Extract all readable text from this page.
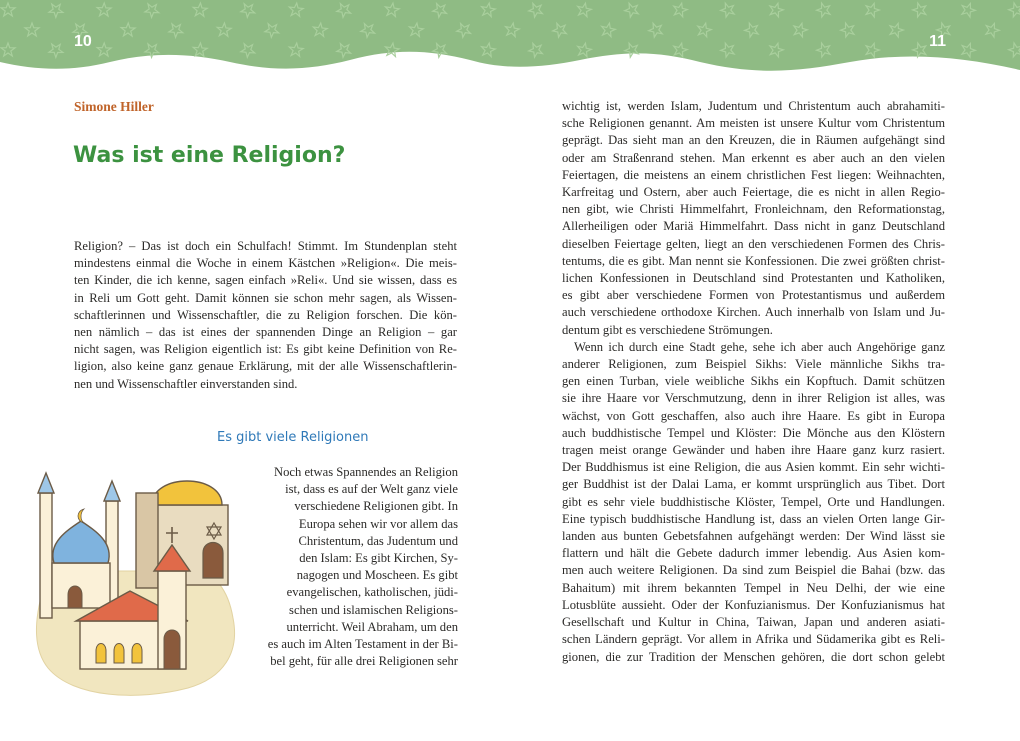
10	11
Simone Hiller
Was ist eine Religion?

Religion? – Das ist doch ein Schulfach! Stimmt. Im Stundenplan steht
mindestens einmal die Woche in einem Kästchen »Religion«. Die meis-
ten Kinder, die ich kenne, sagen einfach »Reli«. Und sie wissen, dass es
in Reli um Gott geht. Damit können sie schon mehr sagen, als Wissen-
schaftlerinnen und Wissenschaftler, die zu Religion forschen. Die kön-
nen nämlich – das ist eines der spannenden Dinge an Religion – gar
nicht sagen, was Religion eigentlich ist: Es gibt keine Definition von Re-
ligion, also keine ganz genaue Erklärung, mit der alle Wissenschaftlerin-
nen und Wissenschaftler einverstanden sind.

Es gibt viele Religionen

Noch etwas Spannendes an Religion
ist, dass es auf der Welt ganz viele
verschiedene Religionen gibt. In
Europa sehen wir vor allem das
Christentum, das Judentum und
den Islam: Es gibt Kirchen, Sy-
nagogen und Moscheen. Es gibt
evangelischen, katholischen, jüdi-
schen und islamischen Religions-
unterricht. Weil Abraham, um den
es auch im Alten Testament in der Bi-
bel geht, für alle drei Religionen sehr

wichtig ist, werden Islam, Judentum und Christentum auch abrahamiti-
sche Religionen genannt. Am meisten ist unsere Kultur vom Christentum
geprägt. Das sieht man an den Kreuzen, die in Räumen aufgehängt sind
oder am Straßenrand stehen. Man erkennt es aber auch an den vielen
Feiertagen, die meistens an einem christlichen Fest liegen: Weihnachten,
Karfreitag und Ostern, aber auch Feiertage, die es nicht in allen Regio-
nen gibt, wie Christi Himmelfahrt, Fronleichnam, den Reformationstag,
Allerheiligen oder Mariä Himmelfahrt. Dass nicht in ganz Deutschland
dieselben Feiertage gelten, liegt an den verschiedenen Formen des Chris-
tentums, die es gibt. Man nennt sie Konfessionen. Die zwei größten christ-
lichen Konfessionen in Deutschland sind Protestanten und Katholiken,
es gibt aber verschiedene Formen von Protestantismus und außerdem
auch verschiedene orthodoxe Kirchen. Auch innerhalb von Islam und Ju-
dentum gibt es verschiedene Strömungen.
Wenn ich durch eine Stadt gehe, sehe ich aber auch Angehörige ganz
anderer Religionen, zum Beispiel Sikhs: Viele männliche Sikhs tra-
gen einen Turban, viele weibliche Sikhs ein Kopftuch. Damit schützen
sie ihre Haare vor Verschmutzung, denn in ihrer Religion ist alles, was
wächst, von Gott geschaffen, also auch ihre Haare. Es gibt in Europa
auch buddhistische Tempel und Klöster: Die Mönche aus den Klöstern
tragen meist orange Gewänder und haben ihre Haare ganz kurz rasiert.
Der Buddhismus ist eine Religion, die aus Asien kommt. Ein sehr wichti-
ger Buddhist ist der Dalai Lama, er kommt ursprünglich aus Tibet. Dort
gibt es sehr viele buddhistische Klöster, Tempel, Orte und Handlungen.
Eine typisch buddhistische Handlung ist, dass an vielen Orten lange Gir-
landen aus bunten Gebetsfahnen aufgehängt werden: Der Wind lässt sie
flattern und hält die Gebete dadurch immer lebendig. Aus Asien kom-
men auch weitere Religionen. Da sind zum Beispiel die Bahai (bzw. das
Bahaitum) mit ihrem bekannten Tempel in Neu Delhi, der wie eine
Lotusblüte aussieht. Oder der Konfuzianismus. Der Konfuzianismus hat
Gesellschaft und Kultur in China, Taiwan, Japan und anderen asiati-
schen Ländern geprägt. Vor allem in Afrika und Südamerika gibt es Reli-
gionen, die zur Tradition der Menschen gehören, die dort schon gelebt
